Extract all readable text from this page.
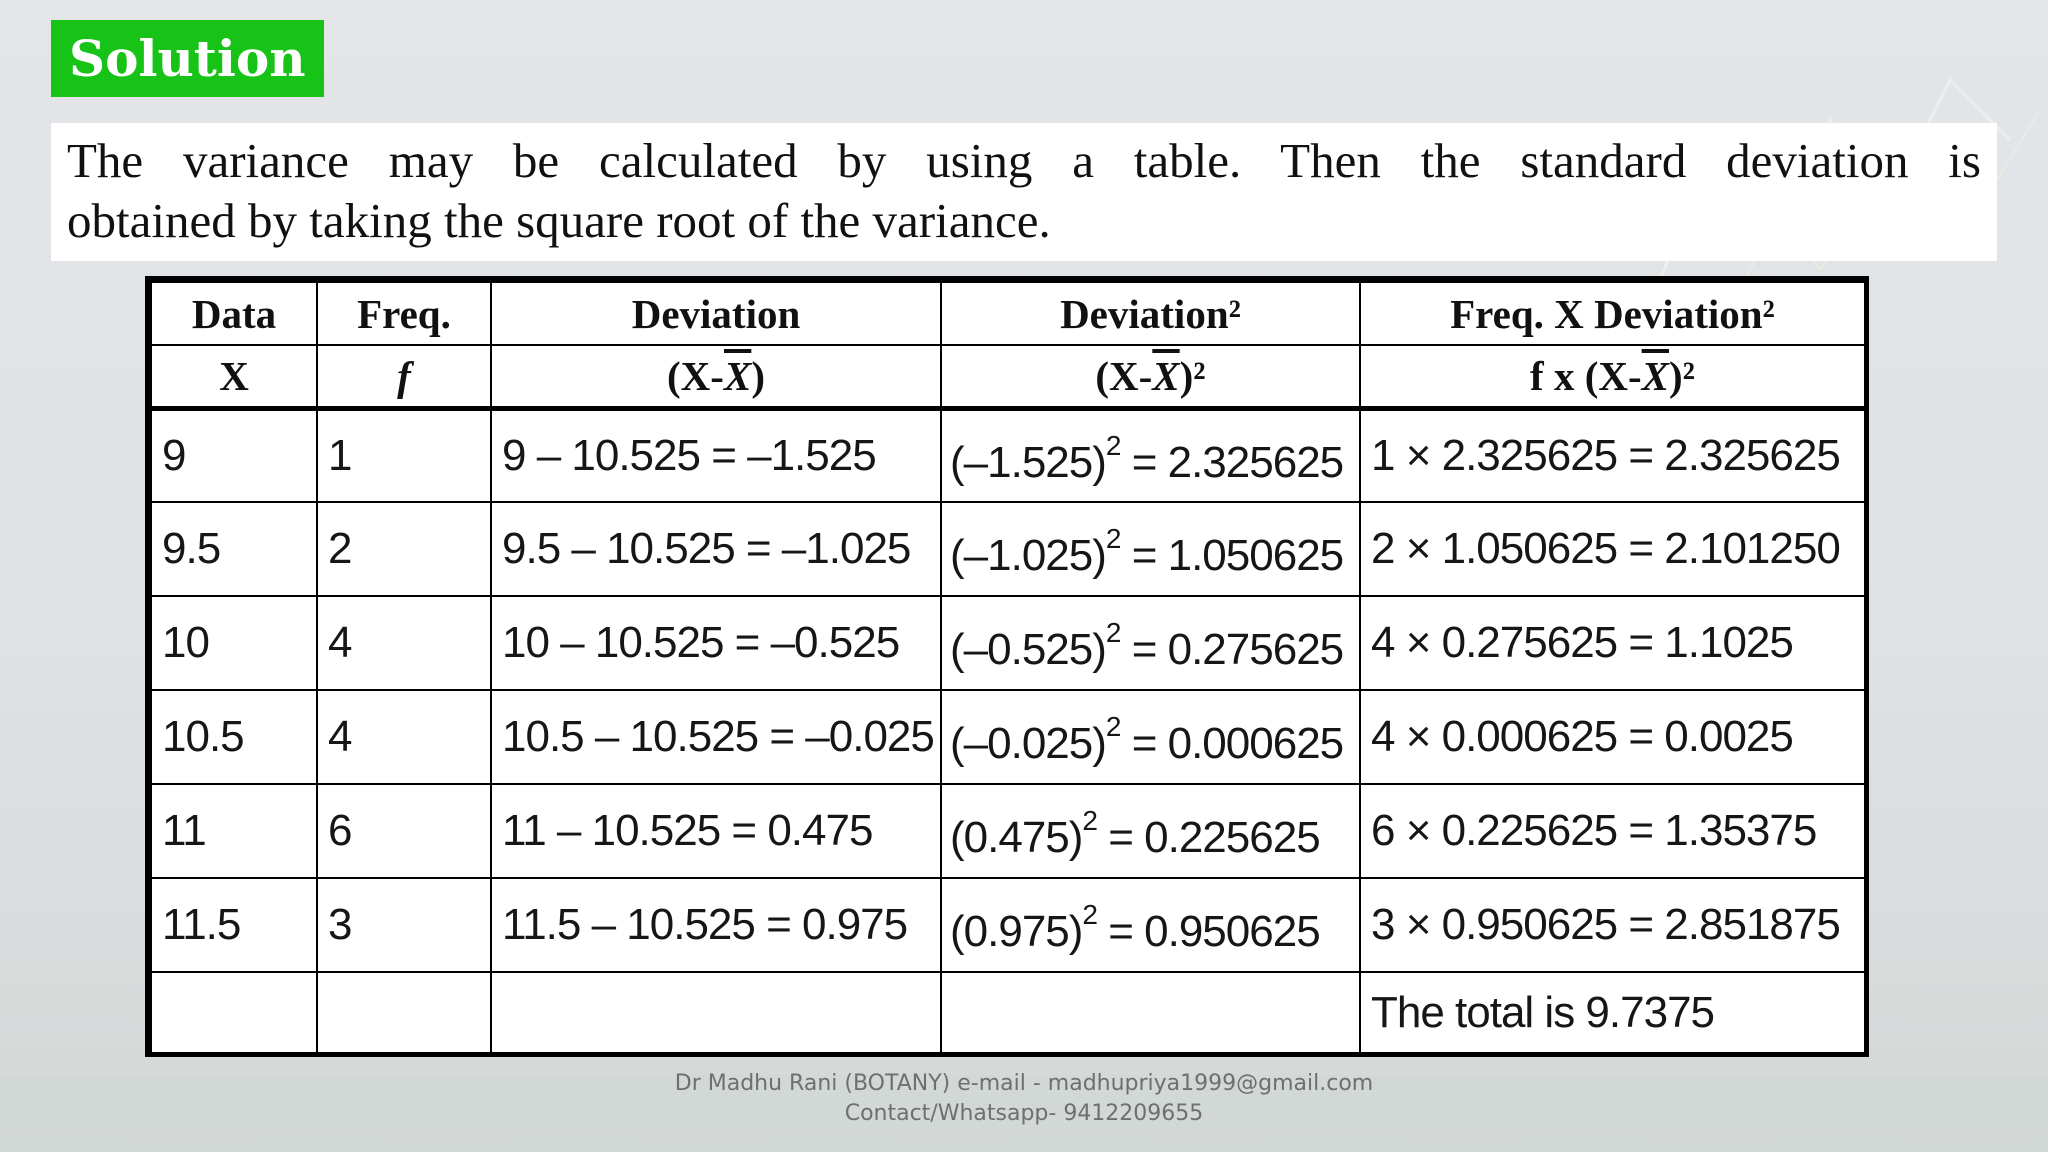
Solution
The variance may be calculated by using a table. Then the standard deviation is
obtained by taking the square root of the variance.
Data	Freq.	Deviation	Deviation²	Freq. X Deviation²
X	f	$(X-\overline{X})$	$(X-\overline{X})^2$	f x $(X-\overline{X})^2$
9	1	9 – 10.525 = –1.525	$(-1.525)^2 = 2.325625$	1 × 2.325625 = 2.325625
9.5	2	9.5 – 10.525 = –1.025	$(-1.025)^2 = 1.050625$	2 × 1.050625 = 2.101250
10	4	10 – 10.525 = –0.525	$(-0.525)^2 = 0.275625$	4 × 0.275625 = 1.1025
10.5	4	10.5 – 10.525 = –0.025	$(-0.025)^2 = 0.000625$	4 × 0.000625 = 0.0025
11	6	11 – 10.525 = 0.475	$(0.475)^2 = 0.225625$	6 × 0.225625 = 1.35375
11.5	3	11.5 – 10.525 = 0.975	$(0.975)^2 = 0.950625$	3 × 0.950625 = 2.851875
				The total is 9.7375
Dr Madhu Rani (BOTANY) e-mail - madhupriya1999@gmail.com
Contact/Whatsapp- 9412209655
